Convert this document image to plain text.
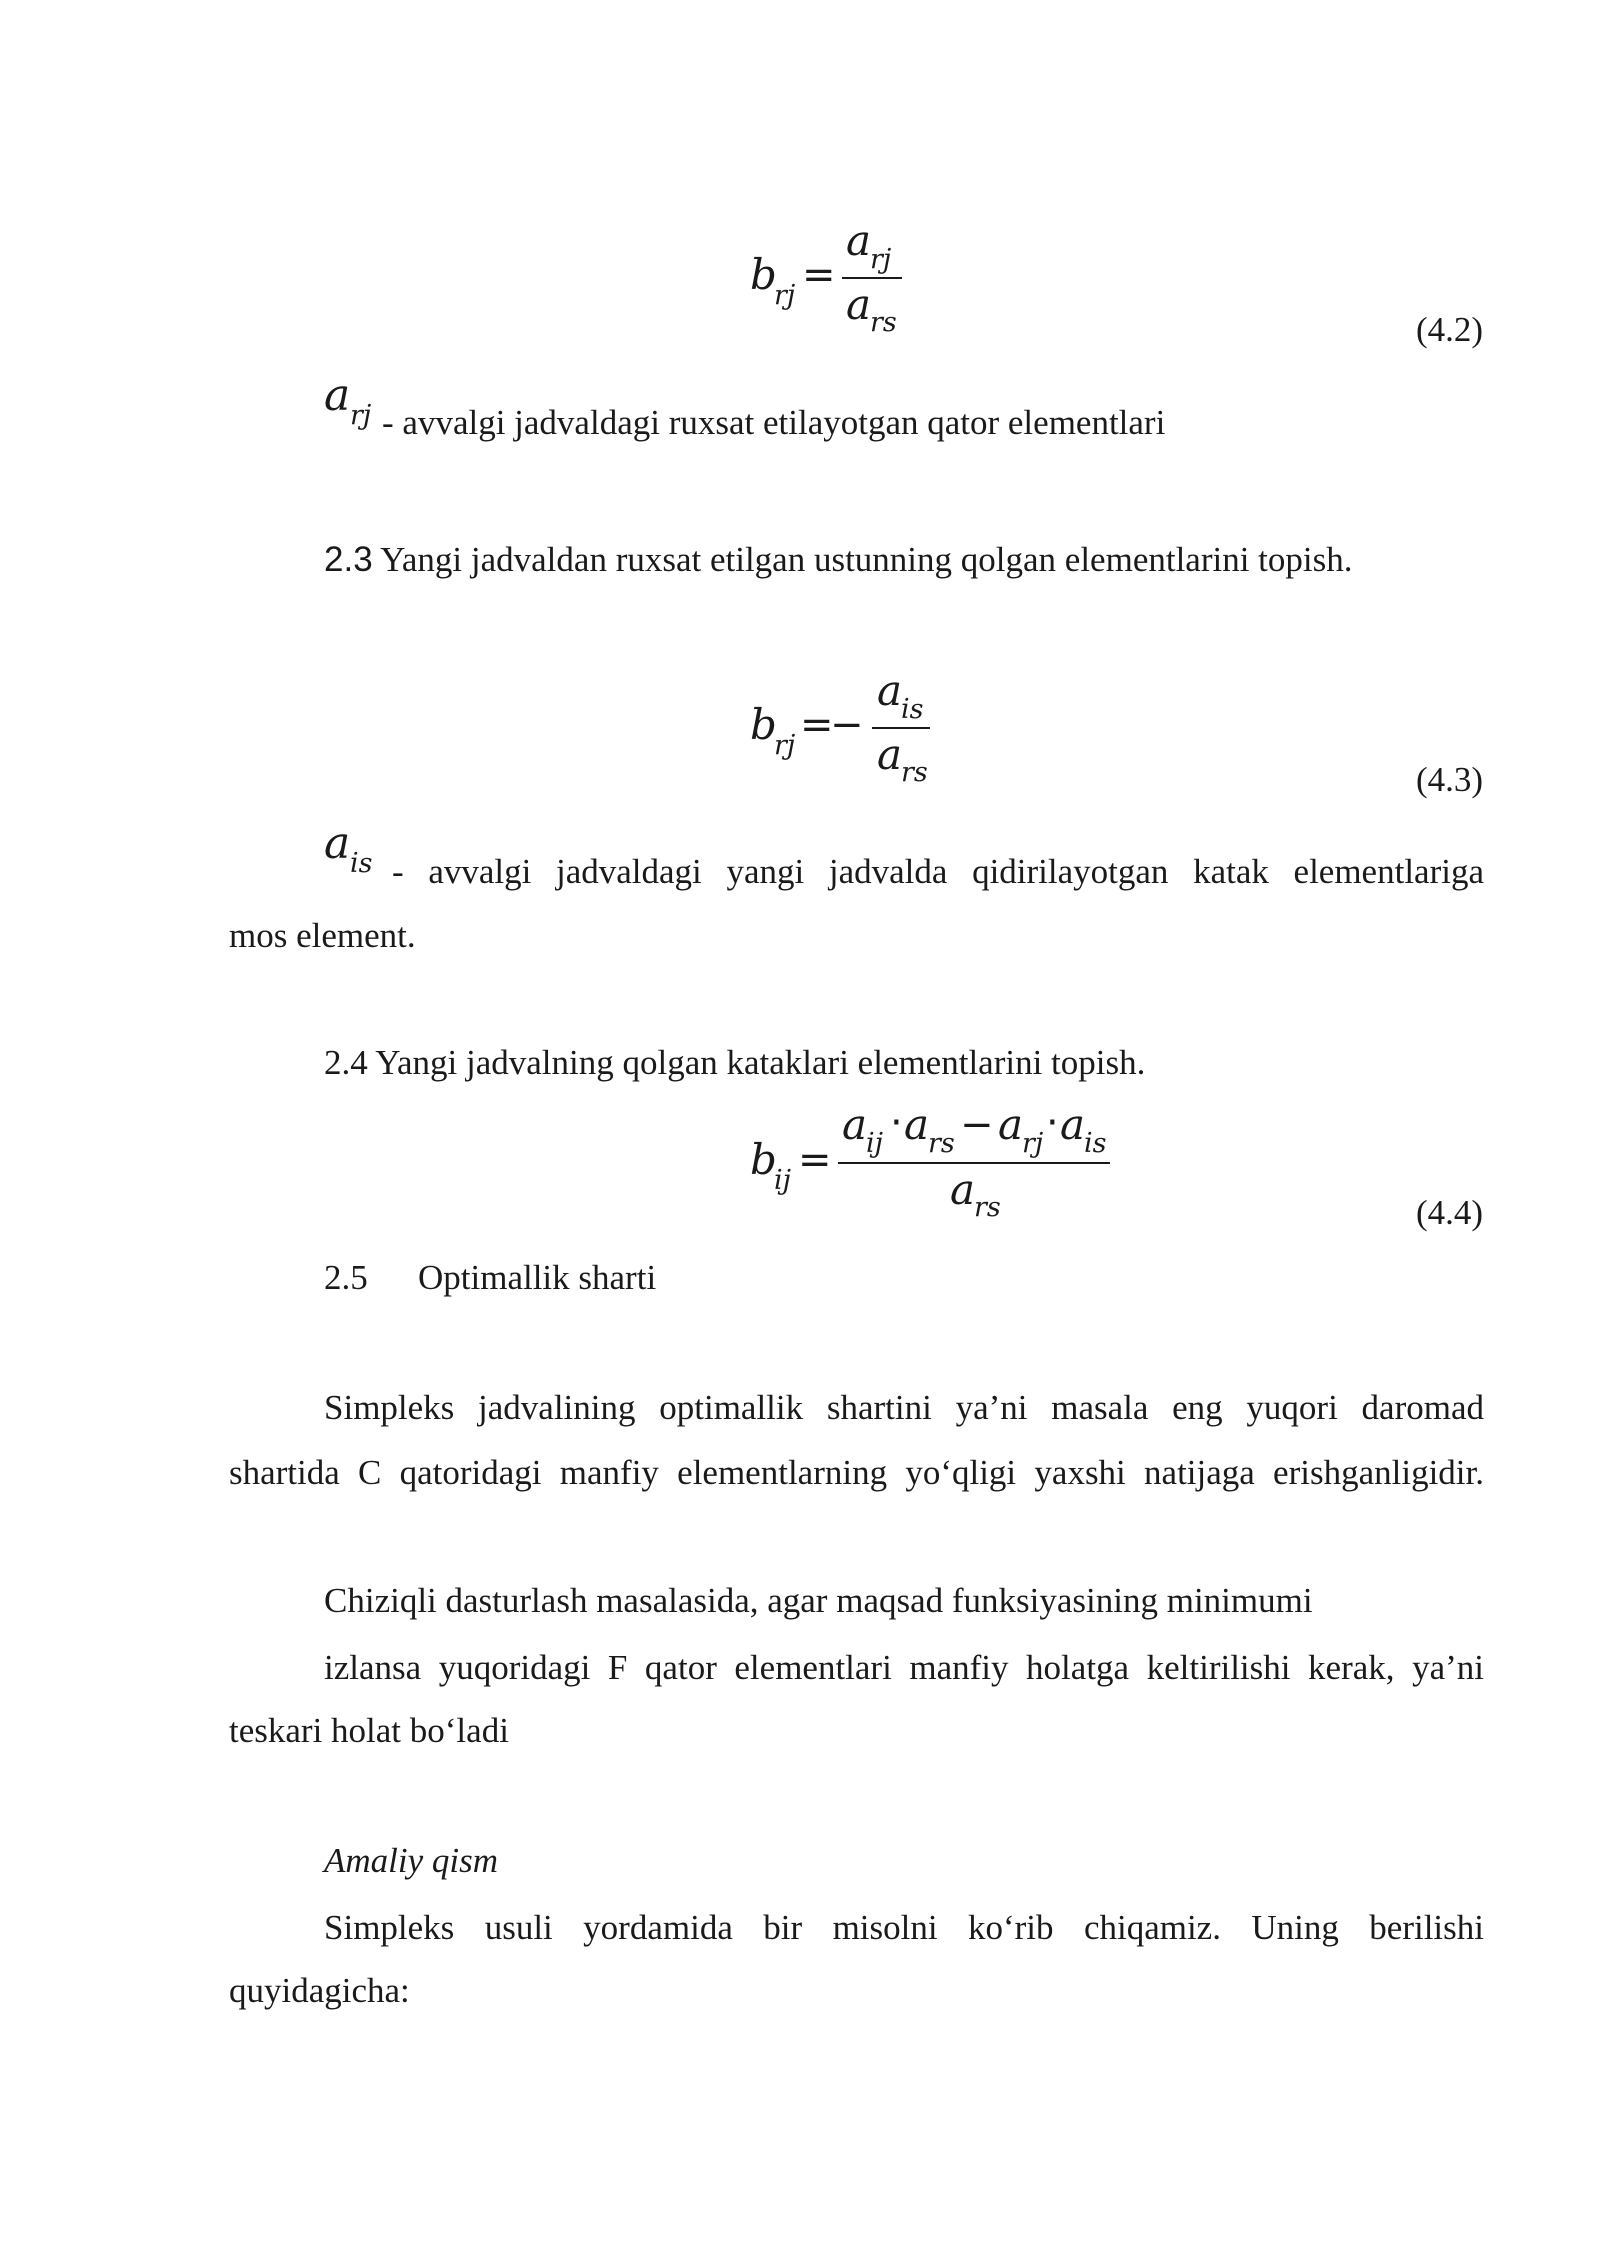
b
rj =
a
rj
a
rs	(4.2)
a rj - avvalgi jadvaldagi ruxsat etilayotgan qator elementlari
2.3 Yangi jadvaldan ruxsat etilgan ustunning qolgan elementlarini topish.
b
rj =
−
a
is
a
rs	(4.3)
a is - avvalgi jadvaldagi yangi jadvalda qidirilayotgan katak elementlariga
mos element.
2.4 Yangi jadvalning qolgan kataklari elementlarini topish.
b
ij =
a
ij · a
rs − a
rj · a
is
a
rs	(4.4)
2.5 Optimallik sharti
Simpleks jadvalining optimallik shartini ya’ni masala eng yuqori daromad
shartida C qatoridagi manfiy elementlarning yo‘qligi yaxshi natijaga erishganligidir.
Chiziqli dasturlash masalasida, agar maqsad funksiyasining minimumi
izlansa yuqoridagi F qator elementlari manfiy holatga keltirilishi kerak, ya’ni
teskari holat bo‘ladi
Amaliy qism
Simpleks usuli yordamida bir misolni ko‘rib chiqamiz. Uning berilishi
quyidagicha:
